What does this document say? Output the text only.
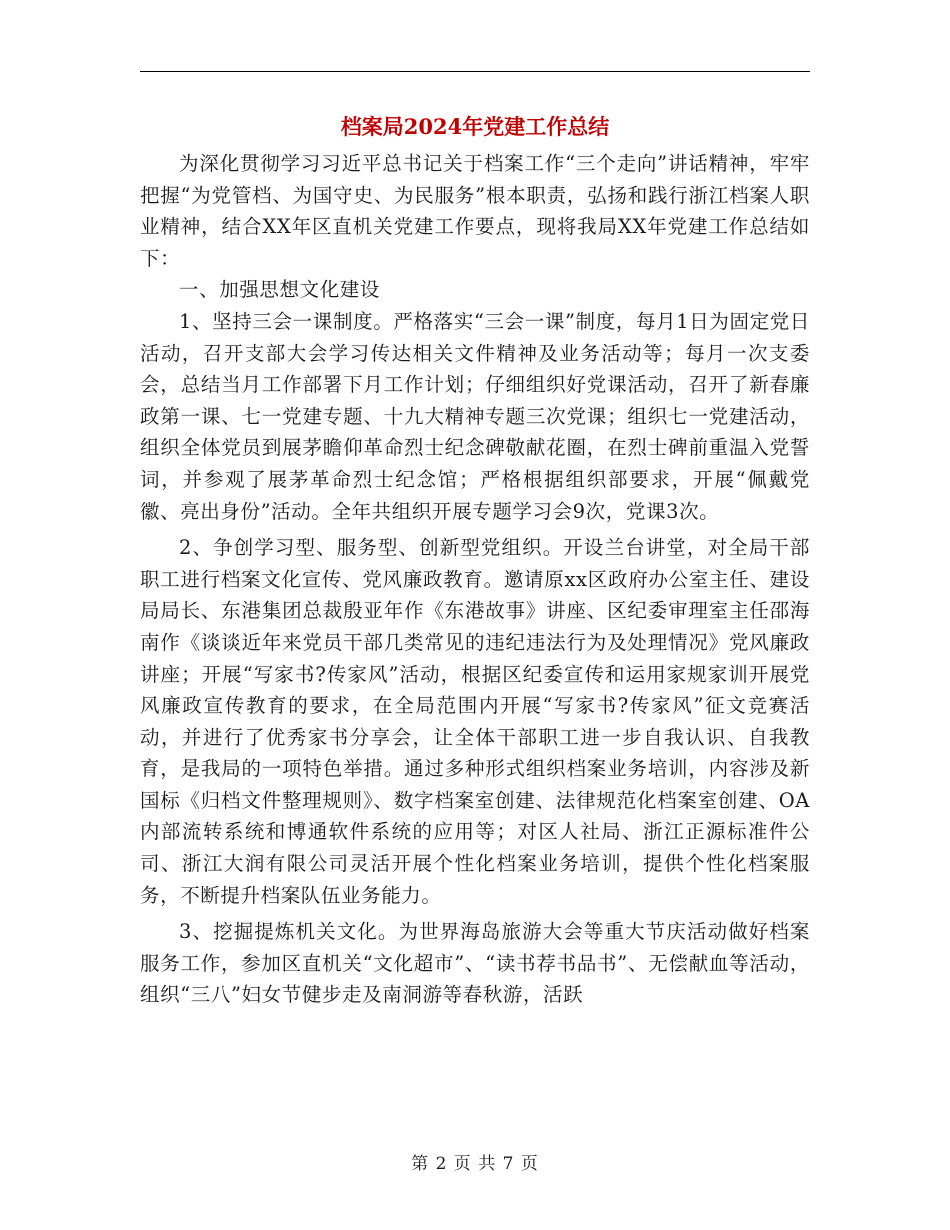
档案局2024年党建工作总结

为深化贯彻学习习近平总书记关于档案工作“三个走向”讲话精神，牢牢把握“为党管档、为国守史、为民服务”根本职责，弘扬和践行浙江档案人职业精神，结合XX年区直机关党建工作要点，现将我局XX年党建工作总结如下：

一、加强思想文化建设

1、坚持三会一课制度。严格落实“三会一课”制度，每月1日为固定党日活动，召开支部大会学习传达相关文件精神及业务活动等；每月一次支委会，总结当月工作部署下月工作计划；仔细组织好党课活动，召开了新春廉政第一课、七一党建专题、十九大精神专题三次党课；组织七一党建活动，组织全体党员到展茅瞻仰革命烈士纪念碑敬献花圈，在烈士碑前重温入党誓词，并参观了展茅革命烈士纪念馆；严格根据组织部要求，开展“佩戴党徽、亮出身份”活动。全年共组织开展专题学习会9次，党课3次。

2、争创学习型、服务型、创新型党组织。开设兰台讲堂，对全局干部职工进行档案文化宣传、党风廉政教育。邀请原xx区政府办公室主任、建设局局长、东港集团总裁殷亚年作《东港故事》讲座、区纪委审理室主任邵海南作《谈谈近年来党员干部几类常见的违纪违法行为及处理情况》党风廉政讲座；开展“写家书?传家风”活动，根据区纪委宣传和运用家规家训开展党风廉政宣传教育的要求，在全局范围内开展“写家书?传家风”征文竞赛活动，并进行了优秀家书分享会，让全体干部职工进一步自我认识、自我教育，是我局的一项特色举措。通过多种形式组织档案业务培训，内容涉及新国标《归档文件整理规则》、数字档案室创建、法律规范化档案室创建、OA内部流转系统和博通软件系统的应用等；对区人社局、浙江正源标准件公司、浙江大润有限公司灵活开展个性化档案业务培训，提供个性化档案服务，不断提升档案队伍业务能力。

3、挖掘提炼机关文化。为世界海岛旅游大会等重大节庆活动做好档案服务工作，参加区直机关“文化超市”、“读书荐书品书”、无偿献血等活动，组织“三八”妇女节健步走及南洞游等春秋游，活跃

第 2 页 共 7 页
